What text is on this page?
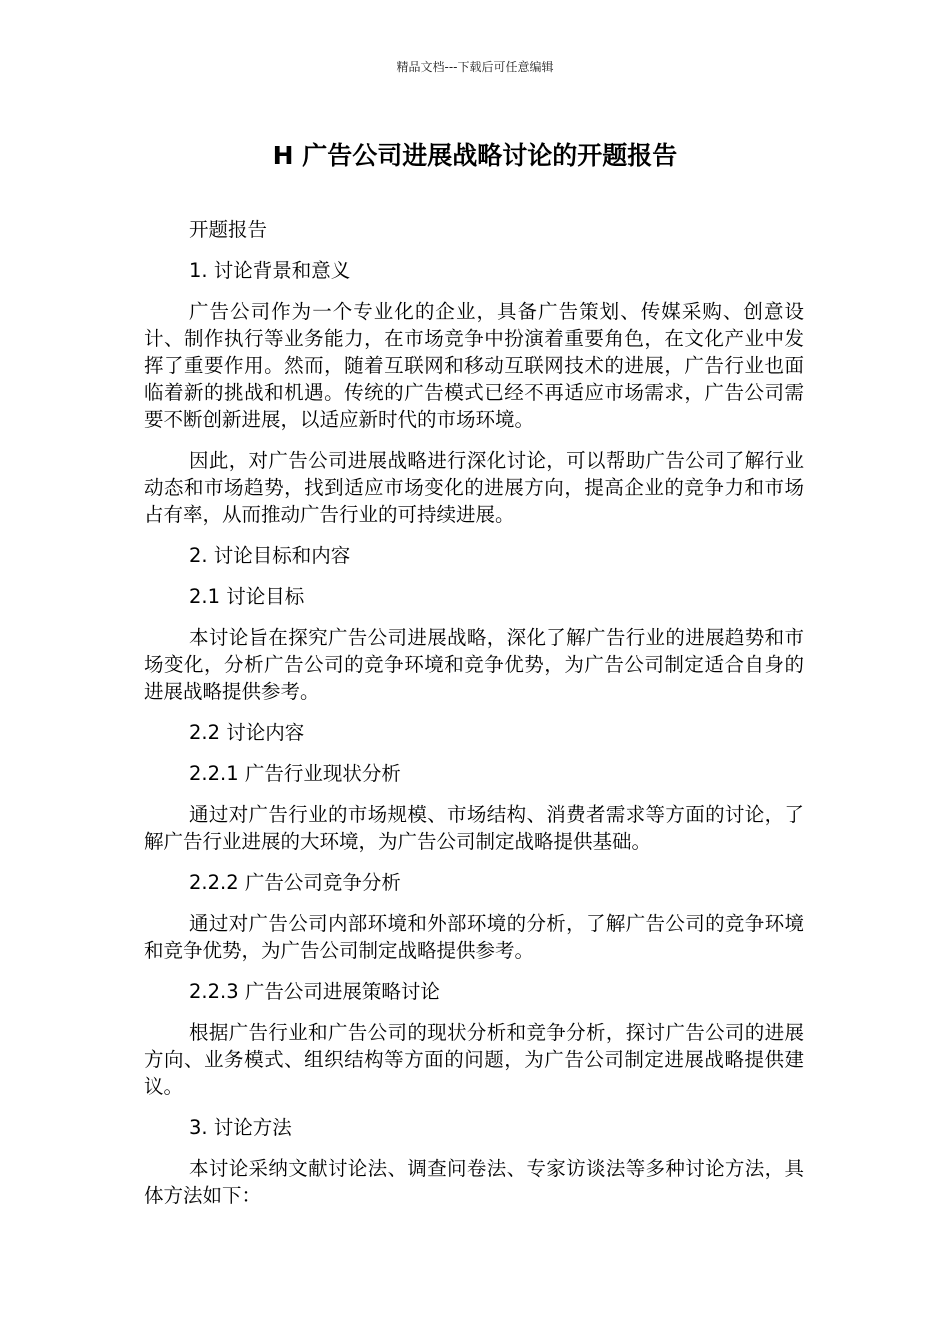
精品文档---下载后可任意编辑
H 广告公司进展战略讨论的开题报告

开题报告

1. 讨论背景和意义

广告公司作为一个专业化的企业，具备广告策划、传媒采购、创意设计、制作执行等业务能力，在市场竞争中扮演着重要角色，在文化产业中发挥了重要作用。然而，随着互联网和移动互联网技术的进展，广告行业也面临着新的挑战和机遇。传统的广告模式已经不再适应市场需求，广告公司需要不断创新进展，以适应新时代的市场环境。

因此，对广告公司进展战略进行深化讨论，可以帮助广告公司了解行业动态和市场趋势，找到适应市场变化的进展方向，提高企业的竞争力和市场占有率，从而推动广告行业的可持续进展。

2. 讨论目标和内容

2.1 讨论目标

本讨论旨在探究广告公司进展战略，深化了解广告行业的进展趋势和市场变化，分析广告公司的竞争环境和竞争优势，为广告公司制定适合自身的进展战略提供参考。

2.2 讨论内容

2.2.1 广告行业现状分析

通过对广告行业的市场规模、市场结构、消费者需求等方面的讨论，了解广告行业进展的大环境，为广告公司制定战略提供基础。

2.2.2 广告公司竞争分析

通过对广告公司内部环境和外部环境的分析，了解广告公司的竞争环境和竞争优势，为广告公司制定战略提供参考。

2.2.3 广告公司进展策略讨论

根据广告行业和广告公司的现状分析和竞争分析，探讨广告公司的进展方向、业务模式、组织结构等方面的问题，为广告公司制定进展战略提供建议。

3. 讨论方法

本讨论采纳文献讨论法、调查问卷法、专家访谈法等多种讨论方法，具体方法如下：
